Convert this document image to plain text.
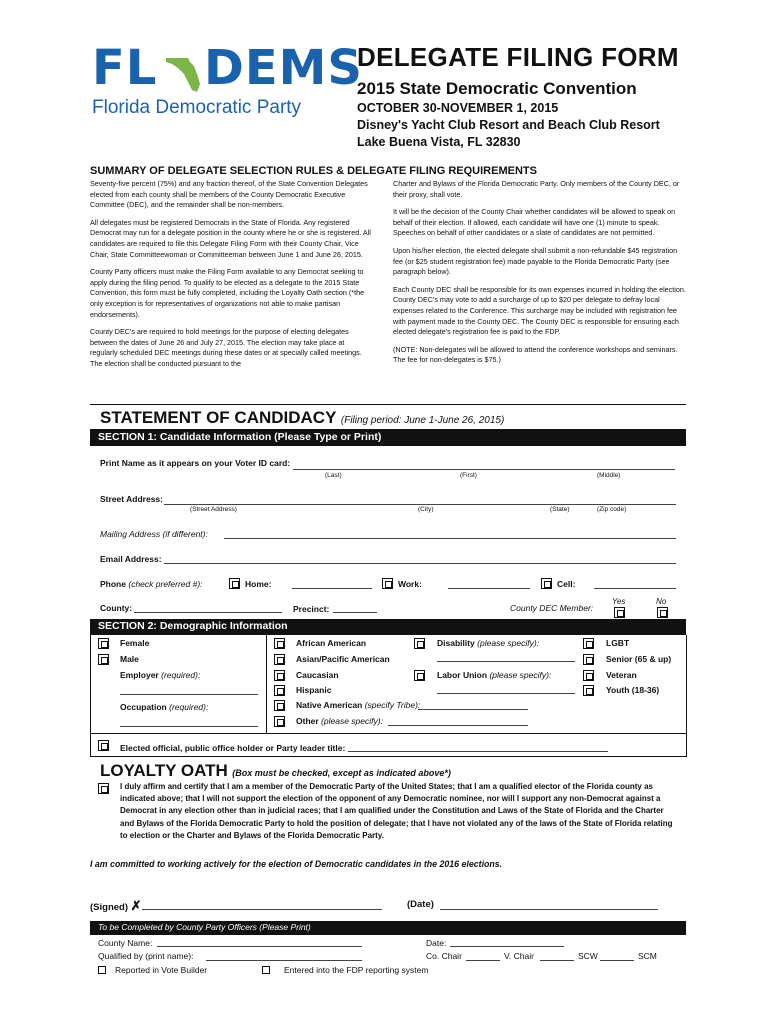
FL DEMS
Florida Democratic Party
DELEGATE FILING FORM
2015 State Democratic Convention
OCTOBER 30-NOVEMBER 1, 2015
Disney's Yacht Club Resort and Beach Club Resort
Lake Buena Vista, FL 32830
SUMMARY OF DELEGATE SELECTION RULES & DELEGATE FILING REQUIREMENTS

Seventy-five percent (75%) and any fraction thereof, of the State Convention Delegates elected from each county shall be members of the County Democratic Executive Committee (DEC), and the remainder shall be non-members.

All delegates must be registered Democrats in the State of Florida. Any registered Democrat may run for a delegate position in the county where he or she is registered. All candidates are required to file this Delegate Filing Form with their County Chair, Vice Chair, State Committeewoman or Committeeman between June 1 and June 26, 2015.

County Party officers must make the Filing Form available to any Democrat seeking to apply during the filing period. To qualify to be elected as a delegate to the 2015 State Convention, this form must be fully completed, including the Loyalty Oath section (*the only exception is for representatives of organizations not able to make partisan endorsements).

County DEC's are required to hold meetings for the purpose of electing delegates between the dates of June 26 and July 27, 2015. The election may take place at regularly scheduled DEC meetings during these dates or at specially called meetings. The election shall be conducted pursuant to the

Charter and Bylaws of the Florida Democratic Party. Only members of the County DEC, or their proxy, shall vote.

It will be the decision of the County Chair whether candidates will be allowed to speak on behalf of their election. If allowed, each candidate will have one (1) minute to speak. Speeches on behalf of other candidates or a slate of candidates are not permitted.

Upon his/her election, the elected delegate shall submit a non-refundable $45 registration fee (or $25 student registration fee) made payable to the Florida Democratic Party (see paragraph below).

Each County DEC shall be responsible for its own expenses incurred in holding the election. County DEC's may vote to add a surcharge of up to $20 per delegate to defray local expenses related to the Conference. This surcharge may be included with registration fee with payment made to the County DEC. The County DEC is responsible for ensuring each elected delegate's registration fee is paid to the FDP.

(NOTE: Non-delegates will be allowed to attend the conference workshops and seminars. The fee for non-delegates is $75.)

STATEMENT OF CANDIDACY (Filing period: June 1-June 26, 2015)
SECTION 1: Candidate Information (Please Type or Print)
Print Name as it appears on your Voter ID card:
(Last)	(First)	(Middle)
Street Address:
(Street Address)	(City)	(State)	(Zip code)
Mailing Address (if different):
Email Address:
Phone (check preferred #):	Home:	Work:	Cell:
County:	Precinct:	County DEC Member:
Yes	No
SECTION 2: Demographic Information
Female
Male
Employer (required):
Occupation (required):
African American
Asian/Pacific American
Caucasian
Hispanic
Native American (specify Tribe):
Other (please specify):
Disability (please specify):
Labor Union (please specify):
LGBT
Senior (65 & up)
Veteran
Youth (18-36)
Elected official, public office holder or Party leader title:
LOYALTY OATH (Box must be checked, except as indicated above*)
I duly affirm and certify that I am a member of the Democratic Party of the United States; that I am a qualified elector of the Florida county as indicated above; that I will not support the election of the opponent of any Democratic nominee, nor will I support any non-Democrat against a Democrat in any election other than in judicial races; that I am qualified under the Constitution and Laws of the State of Florida and the Charter and Bylaws of the Florida Democratic Party to hold the position of delegate; that I have not violated any of the laws of the State of Florida relating to election or the Charter and Bylaws of the Florida Democratic Party.
I am committed to working actively for the election of Democratic candidates in the 2016 elections.
(Signed) ✗	(Date)
To be Completed by County Party Officers (Please Print)
County Name:	Date:
Qualified by (print name):	Co. Chair	V. Chair	SCW	SCM
Reported in Vote Builder	Entered into the FDP reporting system
